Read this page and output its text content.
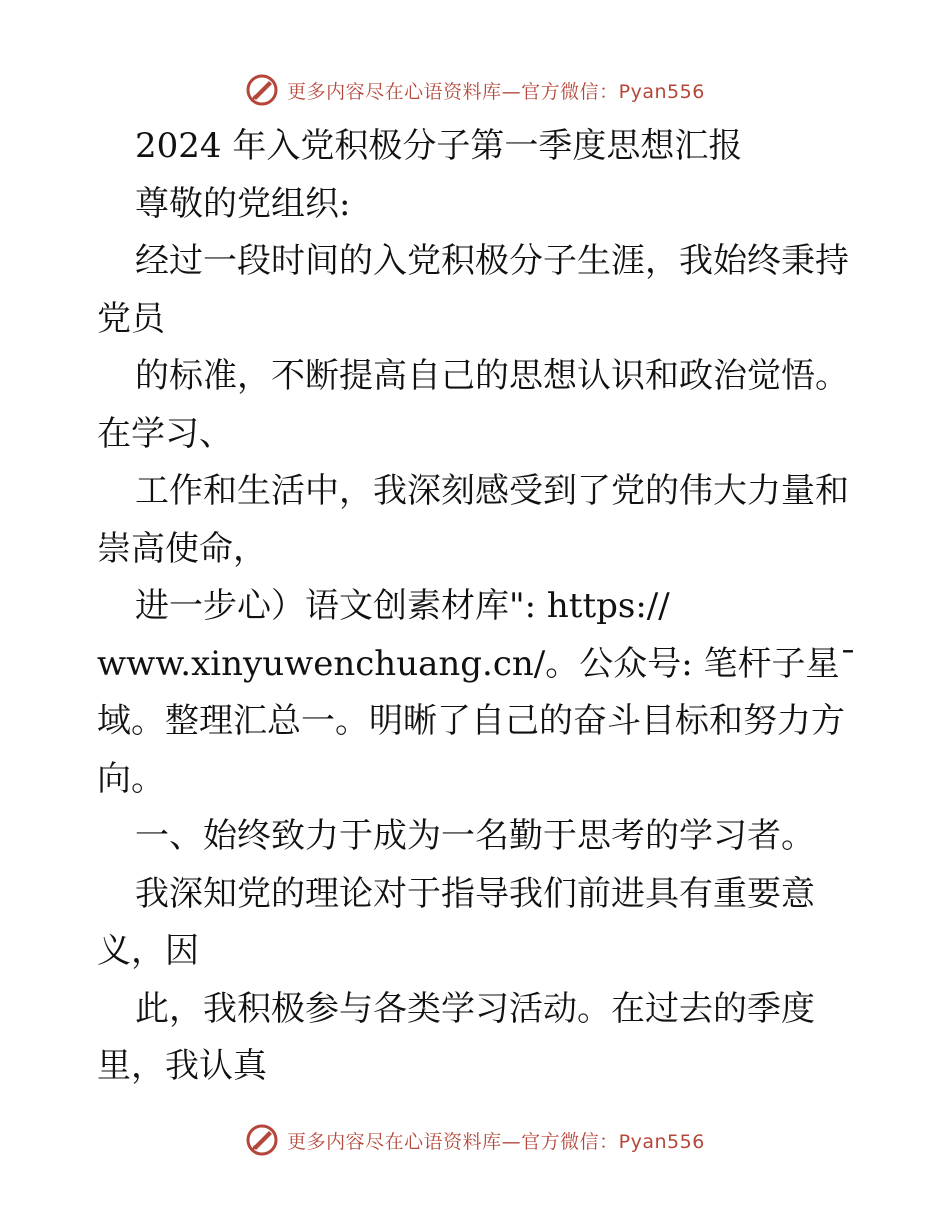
更多内容尽在心语资料库—官方微信：Pyan556
2024 年入党积极分子第一季度思想汇报
尊敬的党组织:
经过一段时间的入党积极分子生涯，我始终秉持
党员
的标准，不断提高自己的思想认识和政治觉悟。
在学习、
工作和生活中，我深刻感受到了党的伟大力量和
崇高使命，
进一步心）语文创素材库": https://
www.xinyuwenchuang.cn/。公众号: 笔杆子星¯
域。整理汇总一。明晰了自己的奋斗目标和努力方
向。
一、始终致力于成为一名勤于思考的学习者。
我深知党的理论对于指导我们前进具有重要意
义，因
此，我积极参与各类学习活动。在过去的季度
里，我认真
更多内容尽在心语资料库—官方微信：Pyan556
